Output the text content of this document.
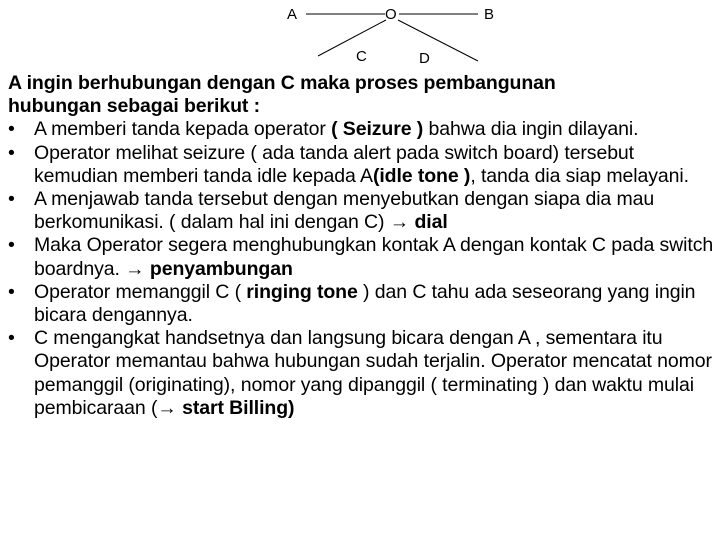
A	O	B
C	D
A ingin berhubungan dengan C maka proses pembangunan
hubungan sebagai berikut :
• A memberi tanda kepada operator ( Seizure ) bahwa dia ingin dilayani.
• Operator melihat seizure ( ada tanda alert pada switch board) tersebut kemudian memberi tanda idle kepada A(idle tone ), tanda dia siap melayani.
• A menjawab tanda tersebut dengan menyebutkan dengan siapa dia mau berkomunikasi. ( dalam hal ini dengan C) → dial
• Maka Operator segera menghubungkan kontak A dengan kontak C pada switch boardnya. → penyambungan
• Operator memanggil C ( ringing tone ) dan C tahu ada seseorang yang ingin bicara dengannya.
• C mengangkat handsetnya dan langsung bicara dengan A , sementara itu Operator memantau bahwa hubungan sudah terjalin. Operator mencatat nomor pemanggil (originating), nomor yang dipanggil ( terminating ) dan waktu mulai pembicaraan (→ start Billing)
